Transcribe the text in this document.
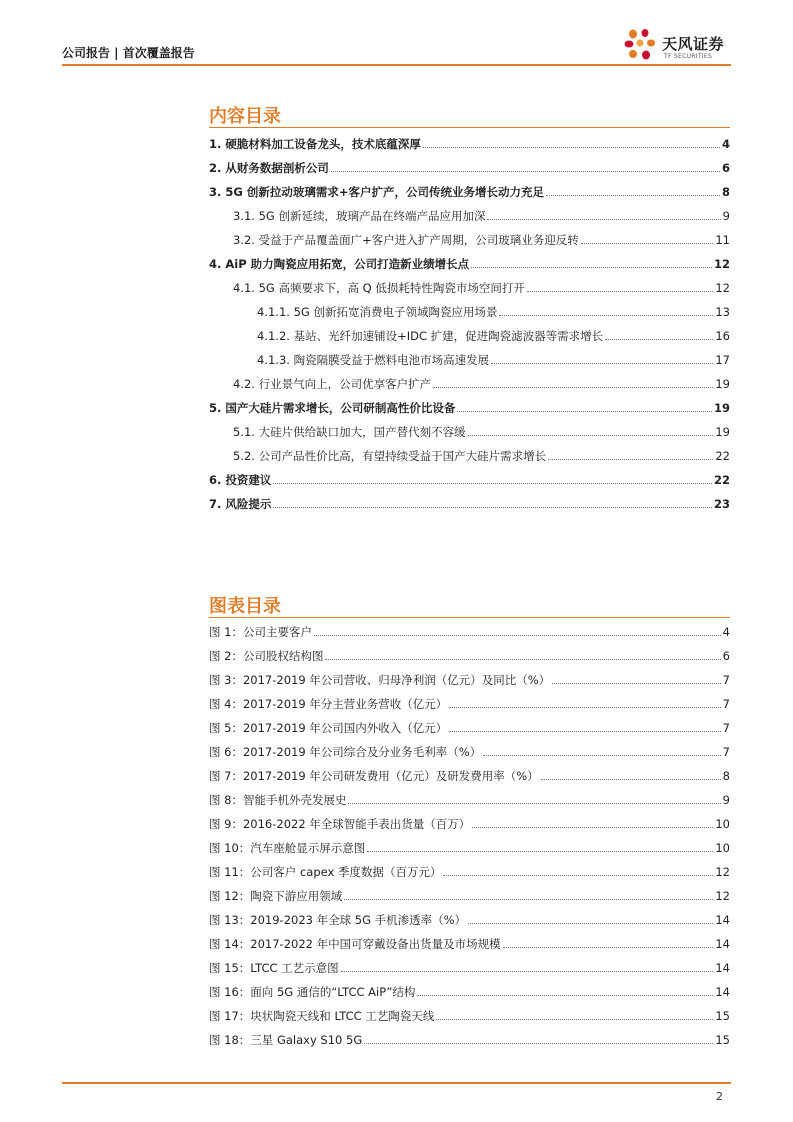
公司报告 | 首次覆盖报告	天风证券
TF SECURITIES
内容目录
1. 硬脆材料加工设备龙头，技术底蕴深厚	4
2. 从财务数据剖析公司	6
3. 5G 创新拉动玻璃需求+客户扩产，公司传统业务增长动力充足	8
3.1. 5G 创新延续，玻璃产品在终端产品应用加深	9
3.2. 受益于产品覆盖面广+客户进入扩产周期，公司玻璃业务迎反转	11
4. AiP 助力陶瓷应用拓宽，公司打造新业绩增长点	12
4.1. 5G 高频要求下，高 Q 低损耗特性陶瓷市场空间打开	12
4.1.1. 5G 创新拓宽消费电子领域陶瓷应用场景	13
4.1.2. 基站、光纤加速铺设+IDC 扩建，促进陶瓷滤波器等需求增长	16
4.1.3. 陶瓷隔膜受益于燃料电池市场高速发展	17
4.2. 行业景气向上，公司优享客户扩产	19
5. 国产大硅片需求增长，公司研制高性价比设备	19
5.1. 大硅片供给缺口加大，国产替代刻不容缓	19
5.2. 公司产品性价比高，有望持续受益于国产大硅片需求增长	22
6. 投资建议	22
7. 风险提示	23
图表目录
图 1：公司主要客户	4
图 2：公司股权结构图	6
图 3：2017-2019 年公司营收、归母净利润（亿元）及同比（%）	7
图 4：2017-2019 年分主营业务营收（亿元）	7
图 5：2017-2019 年公司国内外收入（亿元）	7
图 6：2017-2019 年公司综合及分业务毛利率（%）	7
图 7：2017-2019 年公司研发费用（亿元）及研发费用率（%）	8
图 8：智能手机外壳发展史	9
图 9：2016-2022 年全球智能手表出货量（百万）	10
图 10：汽车座舱显示屏示意图	10
图 11：公司客户 capex 季度数据（百万元）	12
图 12：陶瓷下游应用领域	12
图 13：2019-2023 年全球 5G 手机渗透率（%）	14
图 14：2017-2022 年中国可穿戴设备出货量及市场规模	14
图 15：LTCC 工艺示意图	14
图 16：面向 5G 通信的“LTCC AiP”结构	14
图 17：块状陶瓷天线和 LTCC 工艺陶瓷天线	15
图 18：三星 Galaxy S10 5G	15
2
